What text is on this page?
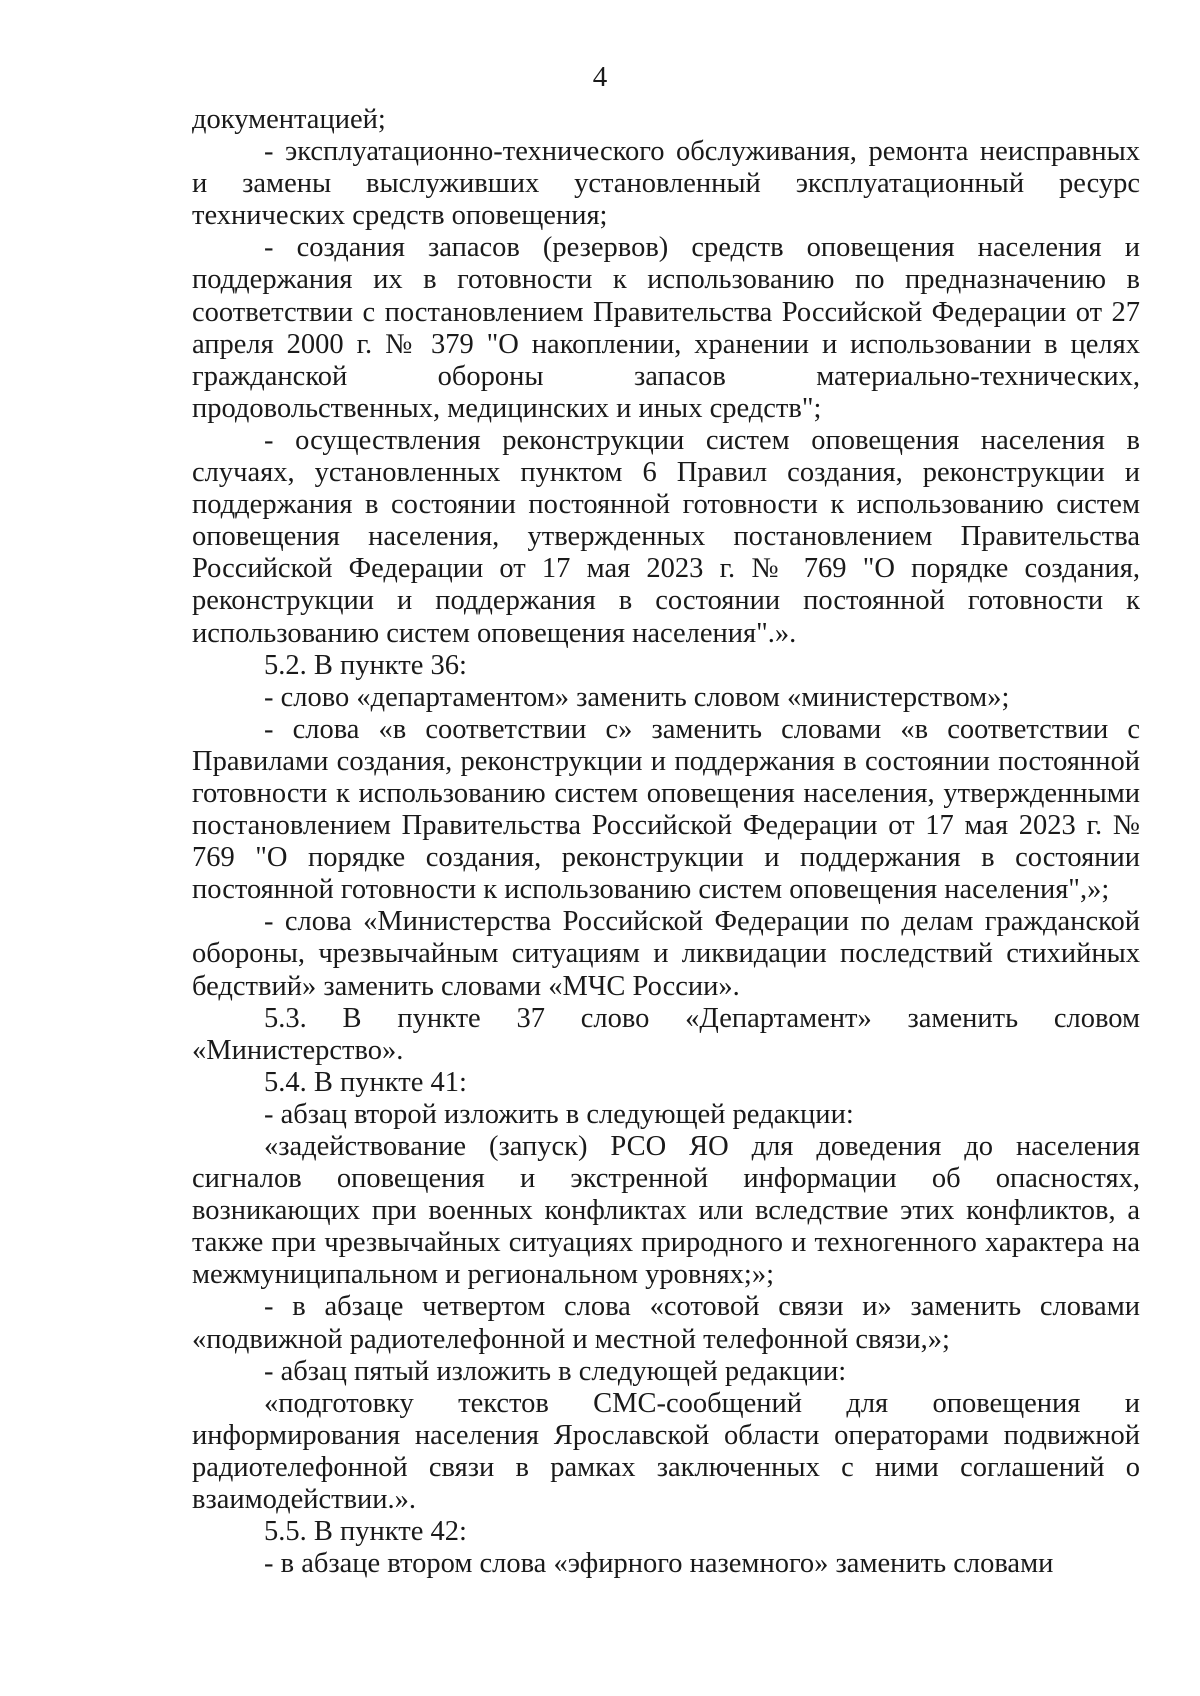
4

документацией;

- эксплуатационно-технического обслуживания, ремонта неисправных и замены выслуживших установленный эксплуатационный ресурс технических средств оповещения;

- создания запасов (резервов) средств оповещения населения и поддержания их в готовности к использованию по предназначению в соответствии с постановлением Правительства Российской Федерации от 27 апреля 2000 г. № 379 "О накоплении, хранении и использовании в целях гражданской обороны запасов материально-технических, продовольственных, медицинских и иных средств";

- осуществления реконструкции систем оповещения населения в случаях, установленных пунктом 6 Правил создания, реконструкции и поддержания в состоянии постоянной готовности к использованию систем оповещения населения, утвержденных постановлением Правительства Российской Федерации от 17 мая 2023 г. № 769 "О порядке создания, реконструкции и поддержания в состоянии постоянной готовности к использованию систем оповещения населения".».

5.2. В пункте 36:

- слово «департаментом» заменить словом «министерством»;

- слова «в соответствии с» заменить словами «в соответствии с Правилами создания, реконструкции и поддержания в состоянии постоянной готовности к использованию систем оповещения населения, утвержденными постановлением Правительства Российской Федерации от 17 мая 2023 г. № 769 "О порядке создания, реконструкции и поддержания в состоянии постоянной готовности к использованию систем оповещения населения",»;

- слова «Министерства Российской Федерации по делам гражданской обороны, чрезвычайным ситуациям и ликвидации последствий стихийных бедствий» заменить словами «МЧС России».

5.3. В пункте 37 слово «Департамент» заменить словом «Министерство».

5.4. В пункте 41:

- абзац второй изложить в следующей редакции:

«задействование (запуск) РСО ЯО для доведения до населения сигналов оповещения и экстренной информации об опасностях, возникающих при военных конфликтах или вследствие этих конфликтов, а также при чрезвычайных ситуациях природного и техногенного характера на межмуниципальном и региональном уровнях;»;

- в абзаце четвертом слова «сотовой связи и» заменить словами «подвижной радиотелефонной и местной телефонной связи,»;

- абзац пятый изложить в следующей редакции:

«подготовку текстов СМС-сообщений для оповещения и информирования населения Ярославской области операторами подвижной радиотелефонной связи в рамках заключенных с ними соглашений о взаимодействии.».

5.5. В пункте 42:

- в абзаце втором слова «эфирного наземного» заменить словами
